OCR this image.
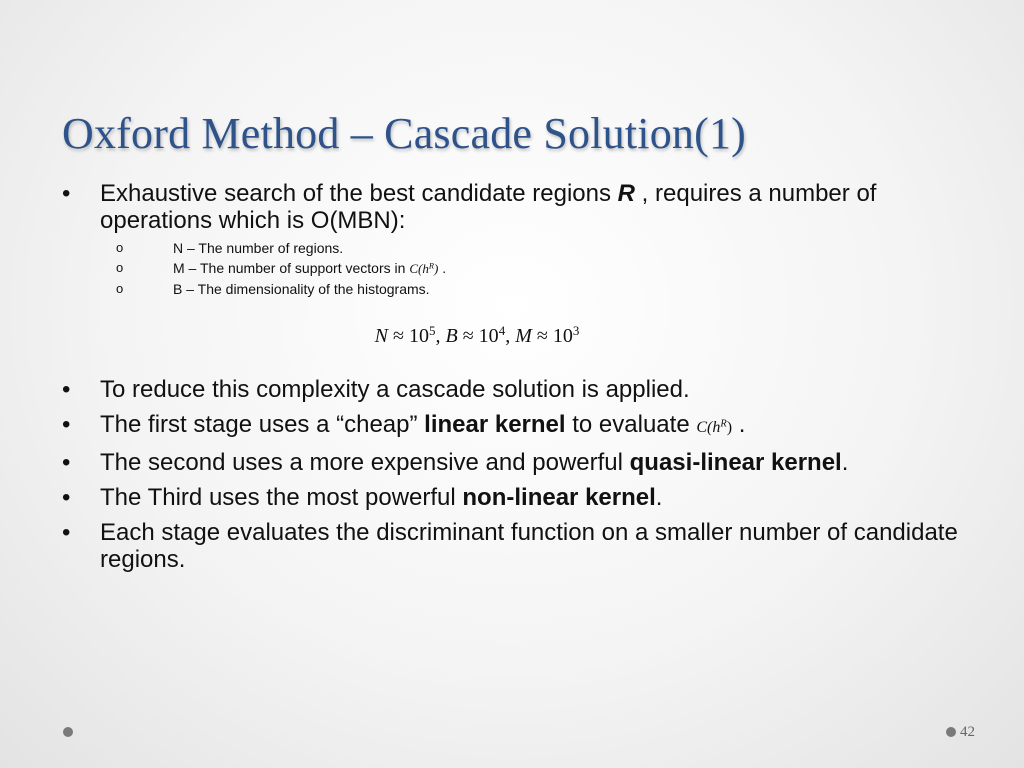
Oxford Method – Cascade Solution(1)
• Exhaustive search of the best candidate regions R , requires a number of operations which is O(MBN):
o	N – The number of regions.
o	M – The number of support vectors in $C(h^R)$ .
o	B – The dimensionality of the histograms.
$N \approx 10^5$, $B \approx 10^4$, $M \approx 10^3$
• To reduce this complexity a cascade solution is applied.
• The first stage uses a “cheap” linear kernel to evaluate $C(h^R)$ .
• The second uses a more expensive and powerful quasi-linear kernel.
• The Third uses the most powerful non-linear kernel.
• Each stage evaluates the discriminant function on a smaller number of candidate regions.
42
